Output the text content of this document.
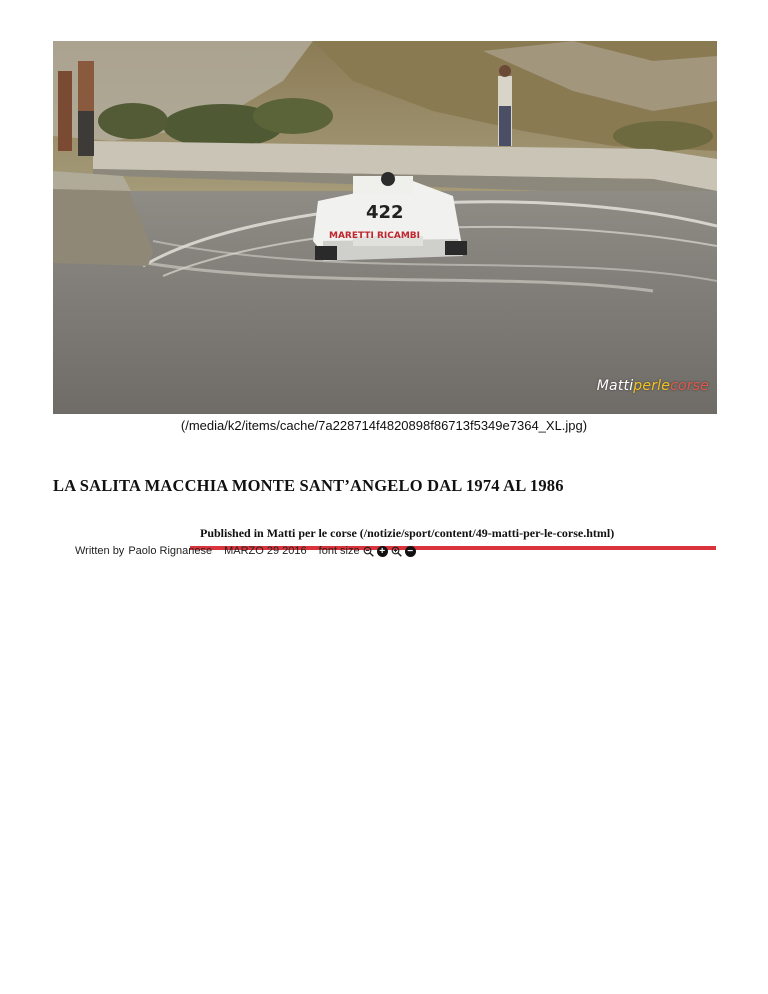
422
MARETTI RICAMBI
Mattiperlecorse
(/media/k2/items/cache/7a228714f4820898f86713f5349e7364_XL.jpg)
LA SALITA MACCHIA MONTE SANT’ANGELO DAL 1974 AL 1986
Published in Matti per le corse (/notizie/sport/content/49-matti-per-le-corse.html)
Written by Paolo Rignanese MARZO 29 2016 font size + −
